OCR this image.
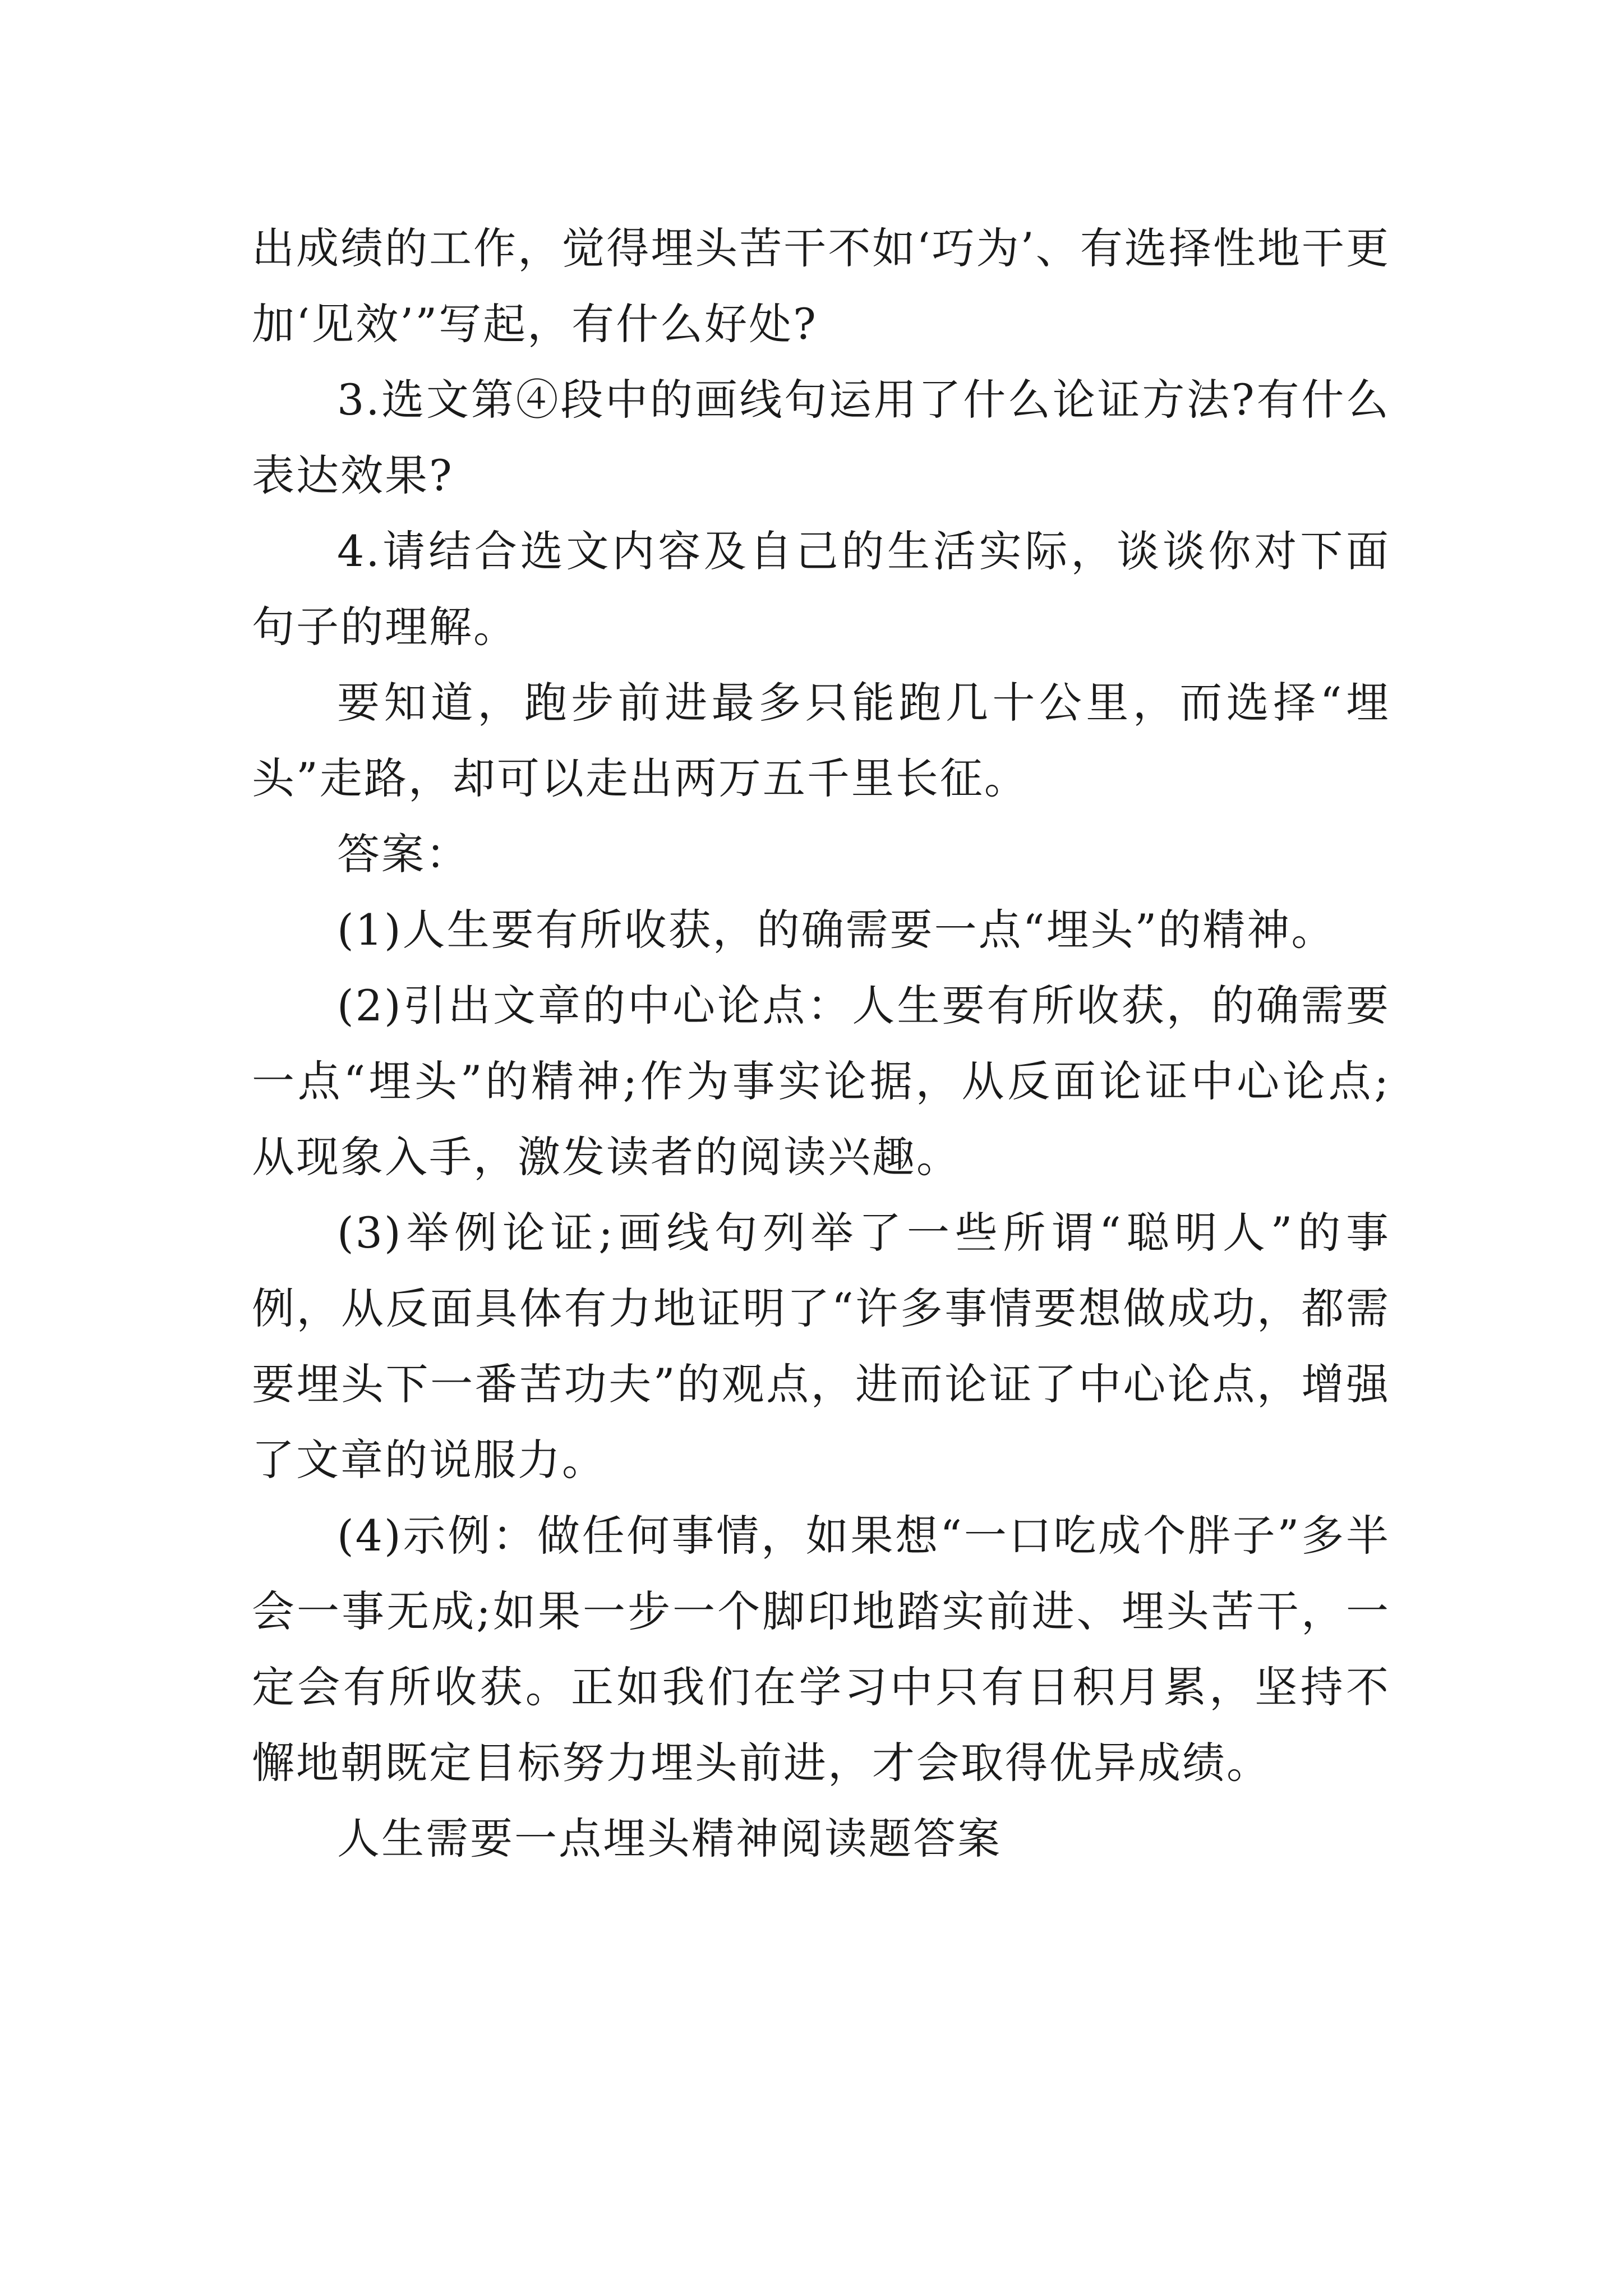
出成绩的工作，觉得埋头苦干不如‘巧为’、有选择性地干更加‘见效’”写起，有什么好处?

3.选文第④段中的画线句运用了什么论证方法?有什么表达效果?

4.请结合选文内容及自己的生活实际，谈谈你对下面句子的理解。

要知道，跑步前进最多只能跑几十公里，而选择“埋头”走路，却可以走出两万五千里长征。

答案：

(1)人生要有所收获，的确需要一点“埋头”的精神。

(2)引出文章的中心论点：人生要有所收获，的确需要一点“埋头”的精神;作为事实论据，从反面论证中心论点;从现象入手，激发读者的阅读兴趣。

(3)举例论证;画线句列举了一些所谓“聪明人”的事例，从反面具体有力地证明了“许多事情要想做成功，都需要埋头下一番苦功夫”的观点，进而论证了中心论点，增强了文章的说服力。

(4)示例：做任何事情，如果想“一口吃成个胖子”多半会一事无成;如果一步一个脚印地踏实前进、埋头苦干，一定会有所收获。正如我们在学习中只有日积月累，坚持不懈地朝既定目标努力埋头前进，才会取得优异成绩。

人生需要一点埋头精神阅读题答案
